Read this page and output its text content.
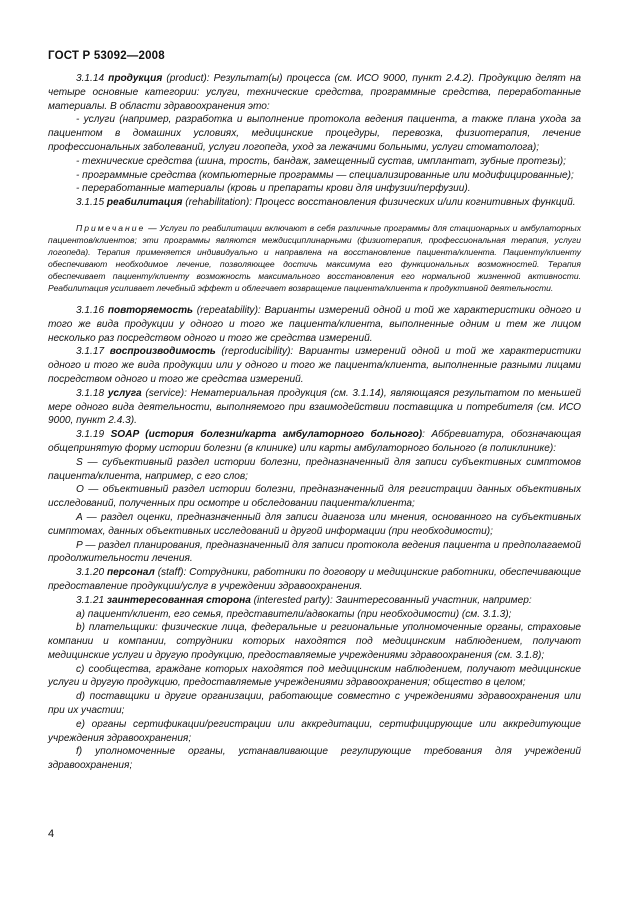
ГОСТ Р 53092—2008

3.1.14 продукция (product): Результат(ы) процесса (см. ИСО 9000, пункт 2.4.2). Продукцию делят на четыре основные категории: услуги, технические средства, программные средства, переработанные материалы. В области здравоохранения это:

- услуги (например, разработка и выполнение протокола ведения пациента, а также плана ухода за пациентом в домашних условиях, медицинские процедуры, перевозка, физиотерапия, лечение профессиональных заболеваний, услуги логопеда, уход за лежачими больными, услуги стоматолога);

- технические средства (шина, трость, бандаж, замещенный сустав, имплантат, зубные протезы);

- программные средства (компьютерные программы — специализированные или модифицированные);

- переработанные материалы (кровь и препараты крови для инфузии/перфузии).

3.1.15 реабилитация (rehabilitation): Процесс восстановления физических и/или когнитивных функций.

Примечание — Услуги по реабилитации включают в себя различные программы для стационарных и амбулаторных пациентов/клиентов; эти программы являются междисциплинарными (физиотерапия, профессиональная терапия, услуги логопеда). Терапия применяется индивидуально и направлена на восстановление пациента/клиента. Пациенту/клиенту обеспечивают необходимое лечение, позволяющее достичь максимума его функциональных возможностей. Терапия обеспечивает пациенту/клиенту возможность максимального восстановления его нормальной жизненной активности. Реабилитация усиливает лечебный эффект и облегчает возвращение пациента/клиента к продуктивной деятельности.

3.1.16 повторяемость (repeatability): Варианты измерений одной и той же характеристики одного и того же вида продукции у одного и того же пациента/клиента, выполненные одним и тем же лицом несколько раз посредством одного и того же средства измерений.

3.1.17 воспроизводимость (reproducibility): Варианты измерений одной и той же характеристики одного и того же вида продукции или у одного и того же пациента/клиента, выполненные разными лицами посредством одного и того же средства измерений.

3.1.18 услуга (service): Нематериальная продукция (см. 3.1.14), являющаяся результатом по меньшей мере одного вида деятельности, выполняемого при взаимодействии поставщика и потребителя (см. ИСО 9000, пункт 2.4.3).

3.1.19 SOAP (история болезни/карта амбулаторного больного): Аббревиатура, обозначающая общепринятую форму истории болезни (в клинике) или карты амбулаторного больного (в поликлинике):

S — субъективный раздел истории болезни, предназначенный для записи субъективных симптомов пациента/клиента, например, с его слов;

O — объективный раздел истории болезни, предназначенный для регистрации данных объективных исследований, полученных при осмотре и обследовании пациента/клиента;

A — раздел оценки, предназначенный для записи диагноза или мнения, основанного на субъективных симптомах, данных объективных исследований и другой информации (при необходимости);

P — раздел планирования, предназначенный для записи протокола ведения пациента и предполагаемой продолжительности лечения.

3.1.20 персонал (staff): Сотрудники, работники по договору и медицинские работники, обеспечивающие предоставление продукции/услуг в учреждении здравоохранения.

3.1.21 заинтересованная сторона (interested party): Заинтересованный участник, например:

a) пациент/клиент, его семья, представители/адвокаты (при необходимости) (см. 3.1.3);

b) плательщики: физические лица, федеральные и региональные уполномоченные органы, страховые компании и компании, сотрудники которых находятся под медицинским наблюдением, получают медицинские услуги и другую продукцию, предоставляемые учреждениями здравоохранения (см. 3.1.8);

c) сообщества, граждане которых находятся под медицинским наблюдением, получают медицинские услуги и другую продукцию, предоставляемые учреждениями здравоохранения; общество в целом;

d) поставщики и другие организации, работающие совместно с учреждениями здравоохранения или при их участии;

e) органы сертификации/регистрации или аккредитации, сертифицирующие или аккредитующие учреждения здравоохранения;

f) уполномоченные органы, устанавливающие регулирующие требования для учреждений здравоохранения;

4
